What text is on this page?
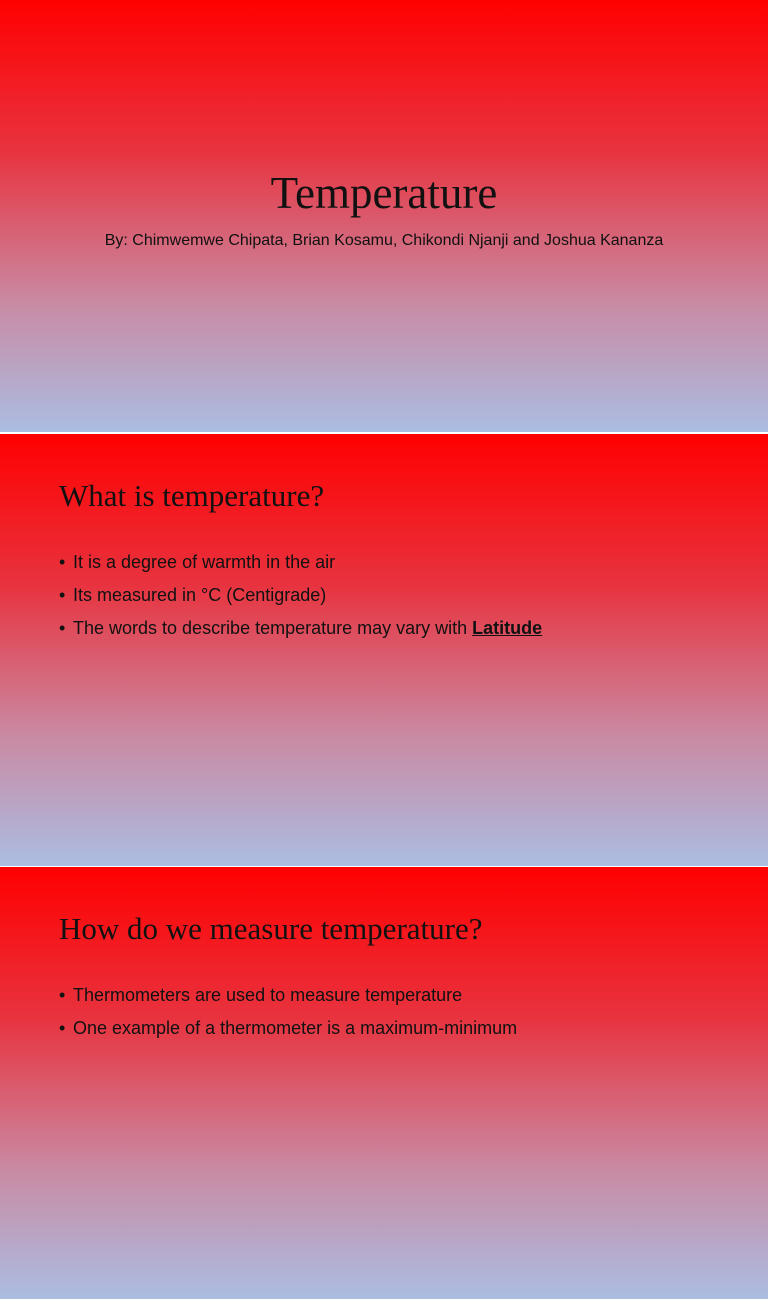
Temperature
By: Chimwemwe Chipata, Brian Kosamu, Chikondi Njanji and Joshua Kananza
What is temperature?
• It is a degree of warmth in the air
• Its measured in °C (Centigrade)
• The words to describe temperature may vary with Latitude
How do we measure temperature?
• Thermometers are used to measure temperature
• One example of a thermometer is a maximum-minimum
